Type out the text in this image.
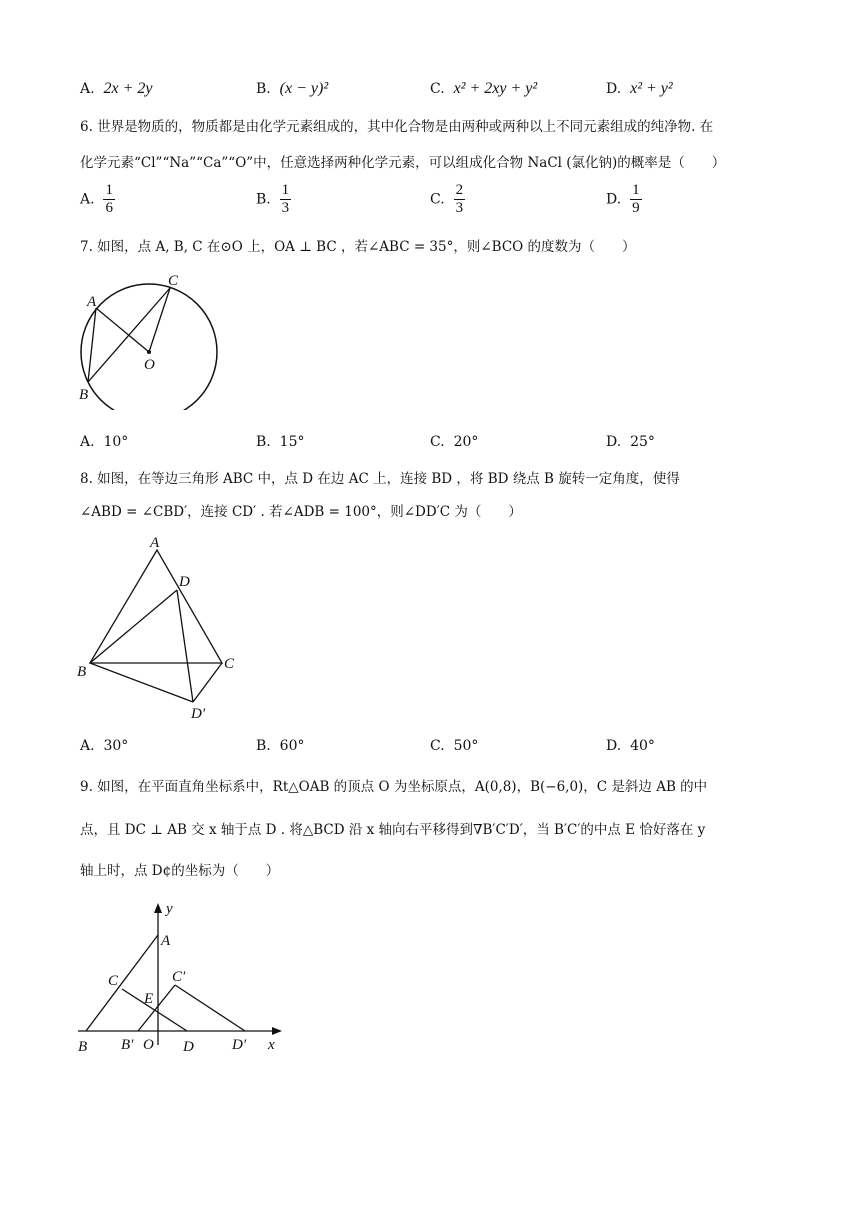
A. 2x + 2y	B. (x − y)²	C. x² + 2xy + y²	D. x² + y²
6. 世界是物质的，物质都是由化学元素组成的，其中化合物是由两种或两种以上不同元素组成的纯净物. 在
化学元素“Cl”“Na”“Ca”“O”中，任意选择两种化学元素，可以组成化合物 NaCl (氯化钠)的概率是（　　）
A. $\frac{1}{6}$	B. $\frac{1}{3}$	C. $\frac{2}{3}$	D. $\frac{1}{9}$
7. 如图，点 A, B, C 在⊙O 上，OA ⊥ BC ，若∠ABC = 35°，则∠BCO 的度数为（　　）
A
C
O
B
A. 10°	B. 15°	C. 20°	D. 25°
8. 如图，在等边三角形 ABC 中，点 D 在边 AC 上，连接 BD ，将 BD 绕点 B 旋转一定角度，使得
∠ABD = ∠CBD′，连接 CD′ . 若∠ADB = 100°，则∠DD′C 为（　　）
A
D
C
B
D′
A. 30°	B. 60°	C. 50°	D. 40°
9. 如图，在平面直角坐标系中，Rt△OAB 的顶点 O 为坐标原点，A(0,8)，B(−6,0)，C 是斜边 AB 的中
点，且 DC ⊥ AB 交 x 轴于点 D . 将△BCD 沿 x 轴向右平移得到∇B′C′D′，当 B′C′的中点 E 恰好落在 y
轴上时，点 D¢的坐标为（　　）
y
A
C	C′
E
B B′ O D	D′ x
